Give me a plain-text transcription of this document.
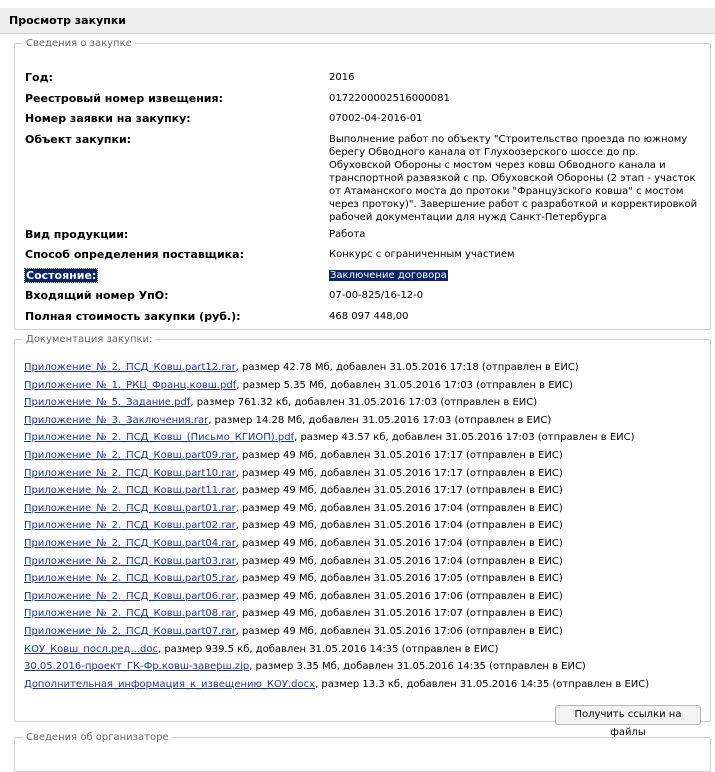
Просмотр закупки
Сведения о закупке
Год:	2016
Реестровый номер извещения:	0172200002516000081
Номер заявки на закупку:	07002-04-2016-01
Объект закупки:	Выполнение работ по объекту "Строительство проезда по южному берегу Обводного канала от Глухоозерского шоссе до пр. Обуховской Обороны с мостом через ковш Обводного канала и транспортной развязкой с пр. Обуховской Обороны (2 этап - участок от Атаманского моста до протоки "Французского ковша" с мостом через протоку)". Завершение работ с разработкой и корректировкой рабочей документации для нужд Санкт-Петербурга
Вид продукции:	Работа
Способ определения поставщика:	Конкурс с ограниченным участием
Состояние:	Заключение договора
Входящий номер УпО:	07-00-825/16-12-0
Полная стоимость закупки (руб.):	468 097 448,00
Документация закупки:
Приложение_№_2._ПСД_Ковш.part12.rar, размер 42.78 Мб, добавлен 31.05.2016 17:18 (отправлен в ЕИС)
Приложение_№_1._РКЦ_Франц.ковш.pdf, размер 5.35 Мб, добавлен 31.05.2016 17:03 (отправлен в ЕИС)
Приложение_№_5._Задание.pdf, размер 761.32 кб, добавлен 31.05.2016 17:03 (отправлен в ЕИС)
Приложение_№_3._Заключения.rar, размер 14.28 Мб, добавлен 31.05.2016 17:03 (отправлен в ЕИС)
Приложение_№_2._ПСД_Ковш_(Письмо_КГИОП).pdf, размер 43.57 кб, добавлен 31.05.2016 17:03 (отправлен в ЕИС)
Приложение_№_2._ПСД_Ковш.part09.rar, размер 49 Мб, добавлен 31.05.2016 17:17 (отправлен в ЕИС)
Приложение_№_2._ПСД_Ковш.part10.rar, размер 49 Мб, добавлен 31.05.2016 17:17 (отправлен в ЕИС)
Приложение_№_2._ПСД_Ковш.part11.rar, размер 49 Мб, добавлен 31.05.2016 17:17 (отправлен в ЕИС)
Приложение_№_2._ПСД_Ковш.part01.rar, размер 49 Мб, добавлен 31.05.2016 17:04 (отправлен в ЕИС)
Приложение_№_2._ПСД_Ковш.part02.rar, размер 49 Мб, добавлен 31.05.2016 17:04 (отправлен в ЕИС)
Приложение_№_2._ПСД_Ковш.part04.rar, размер 49 Мб, добавлен 31.05.2016 17:04 (отправлен в ЕИС)
Приложение_№_2._ПСД_Ковш.part03.rar, размер 49 Мб, добавлен 31.05.2016 17:04 (отправлен в ЕИС)
Приложение_№_2._ПСД_Ковш.part05.rar, размер 49 Мб, добавлен 31.05.2016 17:05 (отправлен в ЕИС)
Приложение_№_2._ПСД_Ковш.part06.rar, размер 49 Мб, добавлен 31.05.2016 17:06 (отправлен в ЕИС)
Приложение_№_2._ПСД_Ковш.part08.rar, размер 49 Мб, добавлен 31.05.2016 17:07 (отправлен в ЕИС)
Приложение_№_2._ПСД_Ковш.part07.rar, размер 49 Мб, добавлен 31.05.2016 17:06 (отправлен в ЕИС)
КОУ_Ковш_посл.ред...doc, размер 939.5 кб, добавлен 31.05.2016 14:35 (отправлен в ЕИС)
30.05.2016-проект_ГК-Фр.ковш-заверш.zip, размер 3.35 Мб, добавлен 31.05.2016 14:35 (отправлен в ЕИС)
Дополнительная_информация_к_извещению_КОУ.docx, размер 13.3 кб, добавлен 31.05.2016 14:35 (отправлен в ЕИС)
Получить ссылки на файлы
Сведения об организаторе
